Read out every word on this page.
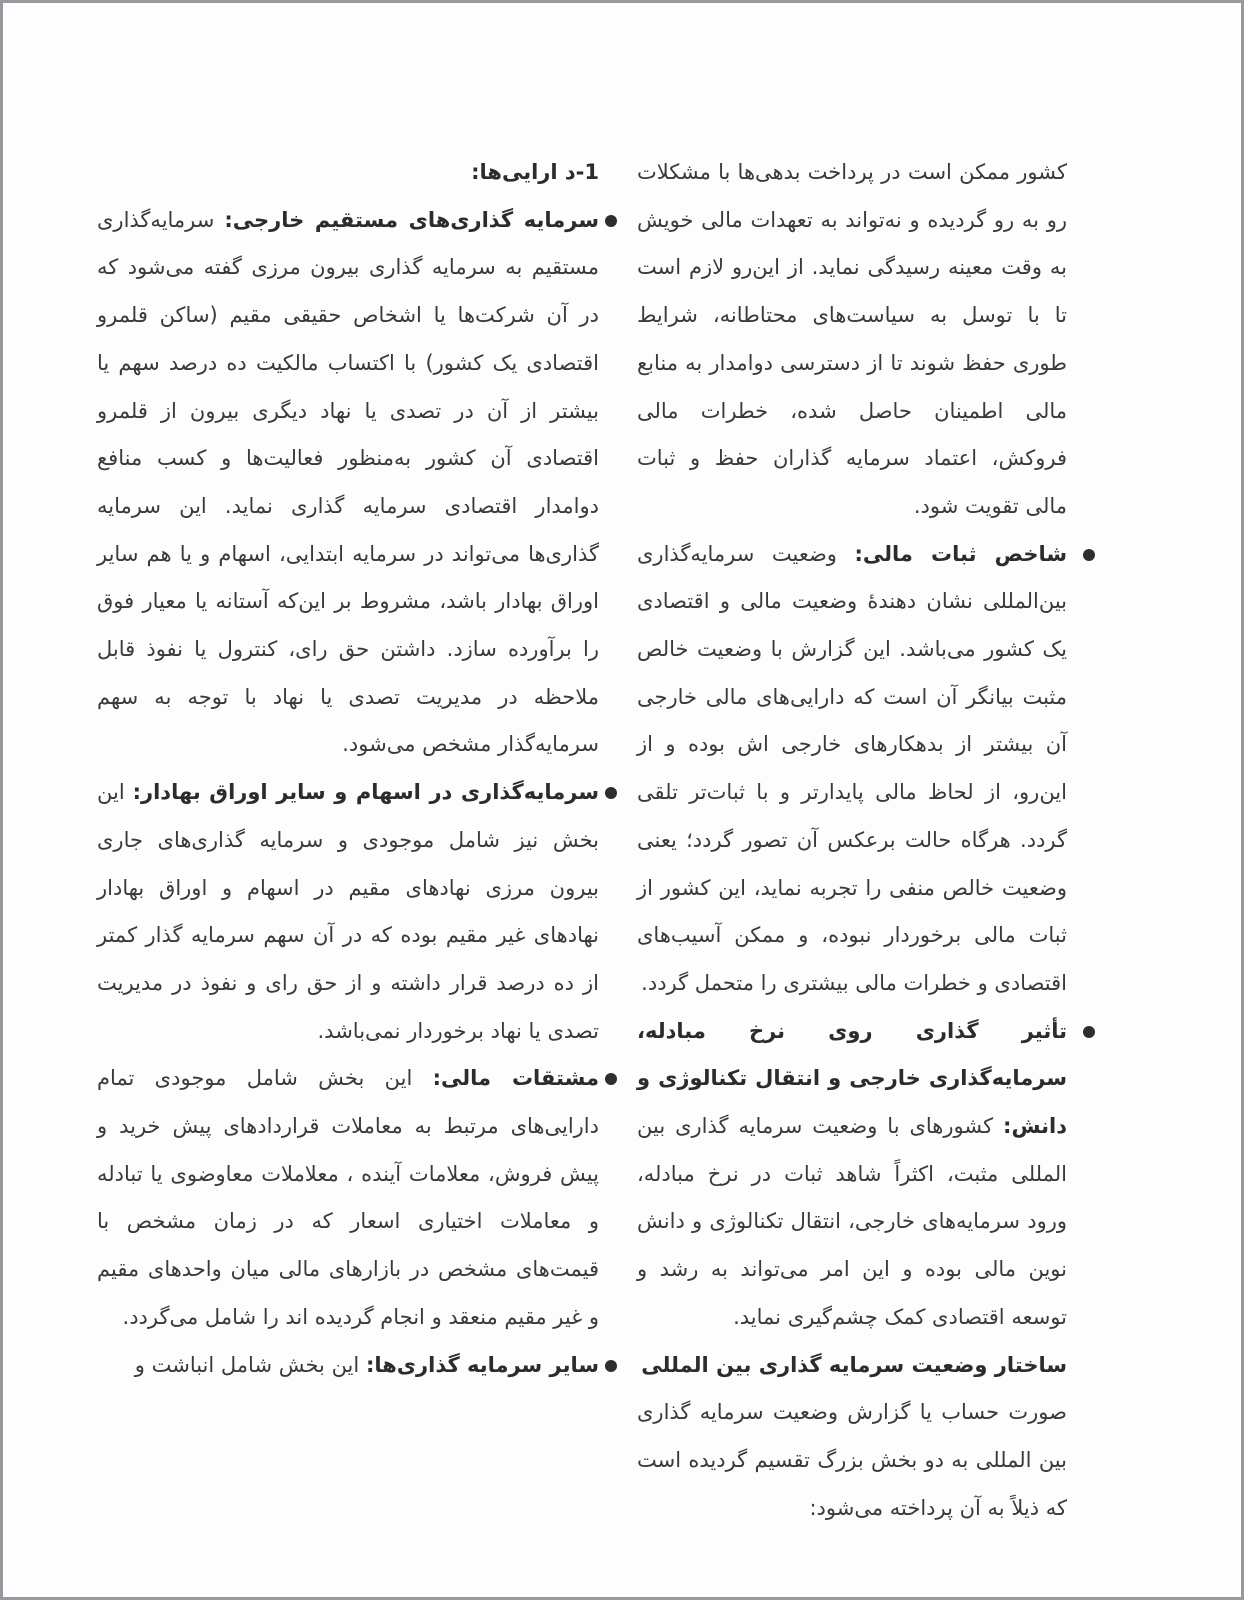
کشور ممکن است در پرداخت بدهی‌ها با مشکلات رو به رو گردیده و نه‌تواند به تعهدات مالی خویش به وقت معینه رسیدگی نماید. از این‌رو لازم است تا با توسل به سیاست‌های محتاطانه، شرایط طوری حفظ شوند تا از دسترسی دوامدار به منابع مالی اطمینان حاصل شده، خطرات مالی فروکش، اعتماد سرمایه گذاران حفظ و ثبات مالی تقویت شود.

شاخص ثبات مالی: وضعیت سرمایه‌گذاری بین‌المللی نشان دهندهٔ وضعیت مالی و اقتصادی یک کشور می‌باشد. این گزارش با وضعیت خالص مثبت بیانگر آن است که دارایی‌های مالی خارجی آن بیشتر از بدهکارهای خارجی اش بوده و از این‌رو، از لحاظ مالی پایدارتر و با ثبات‌تر تلقی گردد. هرگاه حالت برعکس آن تصور گردد؛ یعنی وضعیت خالص منفی را تجربه نماید، این کشور از ثبات مالی برخوردار نبوده، و ممکن آسیب‌های اقتصادی و خطرات مالی بیشتری را متحمل گردد.

تأثیر گذاری روی نرخ مبادله، سرمایه‌گذاری خارجی و انتقال تکنالوژی و دانش: کشورهای با وضعیت سرمایه گذاری بین المللی مثبت، اکثراً شاهد ثبات در نرخ مبادله، ورود سرمایه‌های خارجی، انتقال تکنالوژی و دانش نوین مالی بوده و این امر می‌تواند به رشد و توسعه اقتصادی کمک چشم‌گیری نماید.

ساختار وضعیت سرمایه گذاری بین المللی

صورت حساب یا گزارش وضعیت سرمایه گذاری بین المللی به دو بخش بزرگ تقسیم گردیده است که ذیلاً به آن پرداخته می‌شود:

1-د ارایی‌ها:

سرمایه گذاری‌های مستقیم خارجی: سرمایه‌گذاری مستقیم به سرمایه گذاری بیرون مرزی گفته می‌شود که در آن شرکت‌ها یا اشخاص حقیقی مقیم (ساکن قلمرو اقتصادی یک کشور) با اکتساب مالکیت ده درصد سهم یا بیشتر از آن در تصدی یا نهاد دیگری بیرون از قلمرو اقتصادی آن کشور به‌منظور فعالیت‌ها و کسب منافع دوامدار اقتصادی سرمایه گذاری نماید. این سرمایه گذاری‌ها می‌تواند در سرمایه ابتدایی، اسهام و یا هم سایر اوراق بهادار باشد، مشروط بر این‌که آستانه یا معیار فوق را برآورده سازد. داشتن حق رای، کنترول یا نفوذ قابل ملاحظه در مدیریت تصدی یا نهاد با توجه به سهم سرمایه‌گذار مشخص می‌شود.

سرمایه‌گذاری در اسهام و سایر اوراق بهادار: این بخش نیز شامل موجودی و سرمایه گذاری‌های جاری بیرون مرزی نهادهای مقیم در اسهام و اوراق بهادار نهادهای غیر مقیم بوده که در آن سهم سرمایه گذار کمتر از ده درصد قرار داشته و از حق رای و نفوذ در مدیریت تصدی یا نهاد برخوردار نمی‌باشد.

مشتقات مالی: این بخش شامل موجودی تمام دارایی‌های مرتبط به معاملات قراردادهای پیش خرید و پیش فروش، معلامات آینده ، معلاملات معاوضوی یا تبادله و معاملات اختیاری اسعار که در زمان مشخص با قیمت‌های مشخص در بازارهای مالی میان واحدهای مقیم و غیر مقیم منعقد و انجام گردیده اند را شامل می‌گردد.

سایر سرمایه گذاری‌ها: این بخش شامل انباشت و
